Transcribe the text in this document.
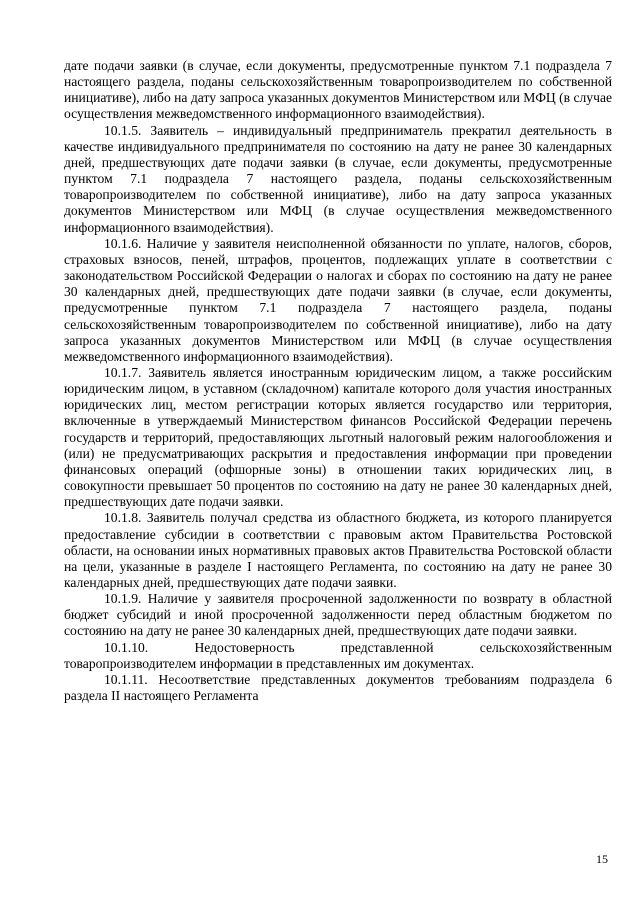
дате подачи заявки (в случае, если документы, предусмотренные пунктом 7.1 подраздела 7 настоящего раздела, поданы сельскохозяйственным товаропроизводителем по собственной инициативе), либо на дату запроса указанных документов Министерством или МФЦ (в случае осуществления межведомственного информационного взаимодействия).

10.1.5. Заявитель – индивидуальный предприниматель прекратил деятельность в качестве индивидуального предпринимателя по состоянию на дату не ранее 30 календарных дней, предшествующих дате подачи заявки (в случае, если документы, предусмотренные пунктом 7.1 подраздела 7 настоящего раздела, поданы сельскохозяйственным товаропроизводителем по собственной инициативе), либо на дату запроса указанных документов Министерством или МФЦ (в случае осуществления межведомственного информационного взаимодействия).

10.1.6. Наличие у заявителя неисполненной обязанности по уплате, налогов, сборов, страховых взносов, пеней, штрафов, процентов, подлежащих уплате в соответствии с законодательством Российской Федерации о налогах и сборах по состоянию на дату не ранее 30 календарных дней, предшествующих дате подачи заявки (в случае, если документы, предусмотренные пунктом 7.1 подраздела 7 настоящего раздела, поданы сельскохозяйственным товаропроизводителем по собственной инициативе), либо на дату запроса указанных документов Министерством или МФЦ (в случае осуществления межведомственного информационного взаимодействия).

10.1.7. Заявитель является иностранным юридическим лицом, а также российским юридическим лицом, в уставном (складочном) капитале которого доля участия иностранных юридических лиц, местом регистрации которых является государство или территория, включенные в утверждаемый Министерством финансов Российской Федерации перечень государств и территорий, предоставляющих льготный налоговый режим налогообложения и (или) не предусматривающих раскрытия и предоставления информации при проведении финансовых операций (офшорные зоны) в отношении таких юридических лиц, в совокупности превышает 50 процентов по состоянию на дату не ранее 30 календарных дней, предшествующих дате подачи заявки.

10.1.8. Заявитель получал средства из областного бюджета, из которого планируется предоставление субсидии в соответствии с правовым актом Правительства Ростовской области, на основании иных нормативных правовых актов Правительства Ростовской области на цели, указанные в разделе I настоящего Регламента, по состоянию на дату не ранее 30 календарных дней, предшествующих дате подачи заявки.

10.1.9. Наличие у заявителя просроченной задолженности по возврату в областной бюджет субсидий и иной просроченной задолженности перед областным бюджетом по состоянию на дату не ранее 30 календарных дней, предшествующих дате подачи заявки.

10.1.10. Недостоверность представленной сельскохозяйственным товаропроизводителем информации в представленных им документах.

10.1.11. Несоответствие представленных документов требованиям подраздела 6 раздела II настоящего Регламента

15
